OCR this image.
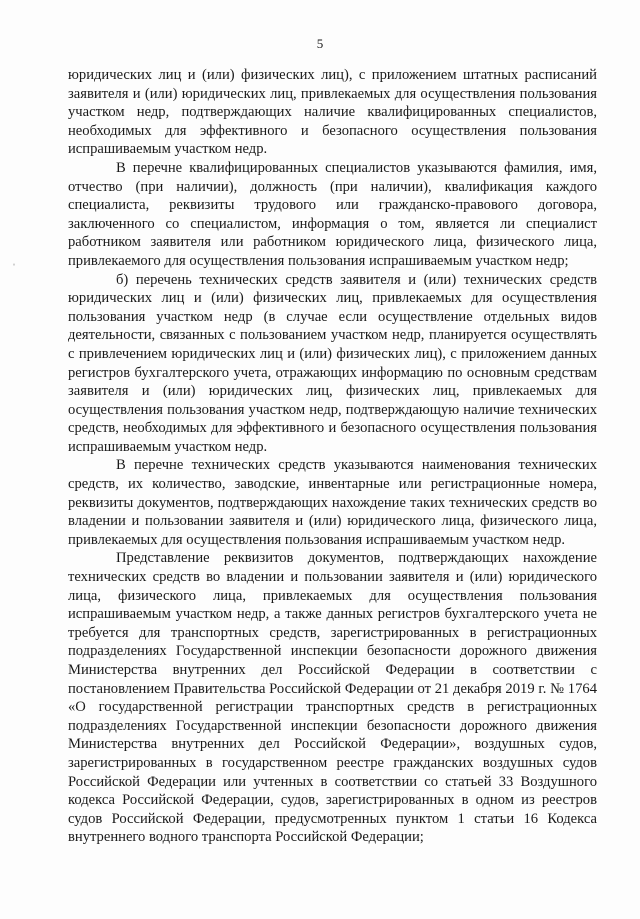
5
ˌ

юридических лиц и (или) физических лиц), с приложением штатных расписаний заявителя и (или) юридических лиц, привлекаемых для осуществления пользования участком недр, подтверждающих наличие квалифицированных специалистов, необходимых для эффективного и безопасного осуществления пользования испрашиваемым участком недр.

В перечне квалифицированных специалистов указываются фамилия, имя, отчество (при наличии), должность (при наличии), квалификация каждого специалиста, реквизиты трудового или гражданско-правового договора, заключенного со специалистом, информация о том, является ли специалист работником заявителя или работником юридического лица, физического лица, привлекаемого для осуществления пользования испрашиваемым участком недр;

б) перечень технических средств заявителя и (или) технических средств юридических лиц и (или) физических лиц, привлекаемых для осуществления пользования участком недр (в случае если осуществление отдельных видов деятельности, связанных с пользованием участком недр, планируется осуществлять с привлечением юридических лиц и (или) физических лиц), с приложением данных регистров бухгалтерского учета, отражающих информацию по основным средствам заявителя и (или) юридических лиц, физических лиц, привлекаемых для осуществления пользования участком недр, подтверждающую наличие технических средств, необходимых для эффективного и безопасного осуществления пользования испрашиваемым участком недр.

В перечне технических средств указываются наименования технических средств, их количество, заводские, инвентарные или регистрационные номера, реквизиты документов, подтверждающих нахождение таких технических средств во владении и пользовании заявителя и (или) юридического лица, физического лица, привлекаемых для осуществления пользования испрашиваемым участком недр.

Представление реквизитов документов, подтверждающих нахождение технических средств во владении и пользовании заявителя и (или) юридического лица, физического лица, привлекаемых для осуществления пользования испрашиваемым участком недр, а также данных регистров бухгалтерского учета не требуется для транспортных средств, зарегистрированных в регистрационных подразделениях Государственной инспекции безопасности дорожного движения Министерства внутренних дел Российской Федерации в соответствии с постановлением Правительства Российской Федерации от 21 декабря 2019 г. № 1764 «О государственной регистрации транспортных средств в регистрационных подразделениях Государственной инспекции безопасности дорожного движения Министерства внутренних дел Российской Федерации», воздушных судов, зарегистрированных в государственном реестре гражданских воздушных судов Российской Федерации или учтенных в соответствии со статьей 33 Воздушного кодекса Российской Федерации, судов, зарегистрированных в одном из реестров судов Российской Федерации, предусмотренных пунктом 1 статьи 16 Кодекса внутреннего водного транспорта Российской Федерации;
